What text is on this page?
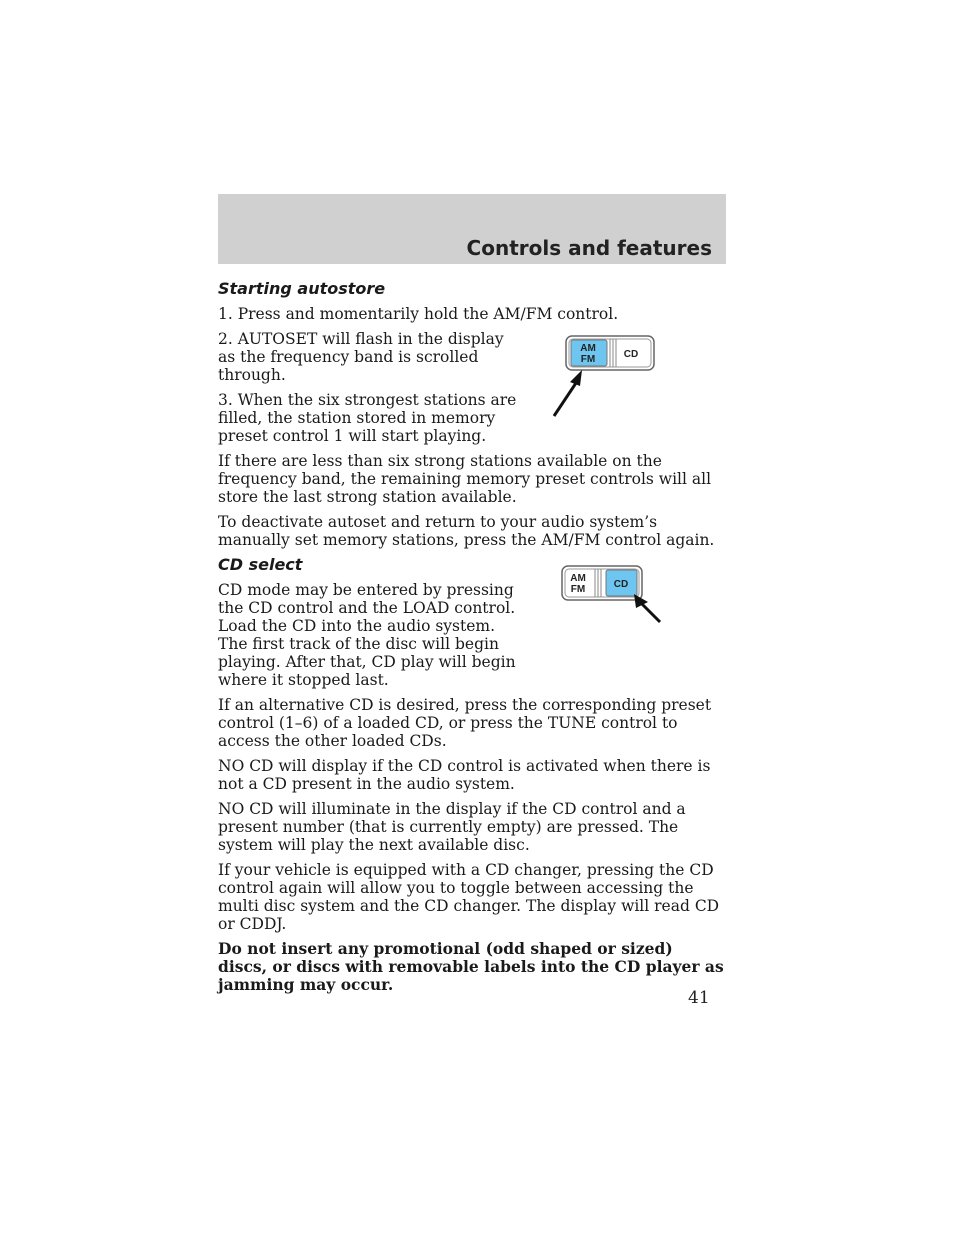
Controls and features
Starting autostore

1. Press and momentarily hold the AM/FM control.

2. AUTOSET will flash in the display as the frequency band is scrolled through.

3. When the six strongest stations are filled, the station stored in memory preset control 1 will start playing.

If there are less than six strong stations available on the frequency band, the remaining memory preset controls will all store the last strong station available.

To deactivate autoset and return to your audio system’s manually set memory stations, press the AM/FM control again.

CD select

CD mode may be entered by pressing the CD control and the LOAD control. Load the CD into the audio system. The first track of the disc will begin playing. After that, CD play will begin where it stopped last.

If an alternative CD is desired, press the corresponding preset control (1–6) of a loaded CD, or press the TUNE control to access the other loaded CDs.

NO CD will display if the CD control is activated when there is not a CD present in the audio system.

NO CD will illuminate in the display if the CD control and a present number (that is currently empty) are pressed. The system will play the next available disc.

If your vehicle is equipped with a CD changer, pressing the CD control again will allow you to toggle between accessing the multi disc system and the CD changer. The display will read CD or CDDJ.

Do not insert any promotional (odd shaped or sized) discs, or discs with removable labels into the CD player as jamming may occur.

AM
FM	CD
AM
FM	CD
41
